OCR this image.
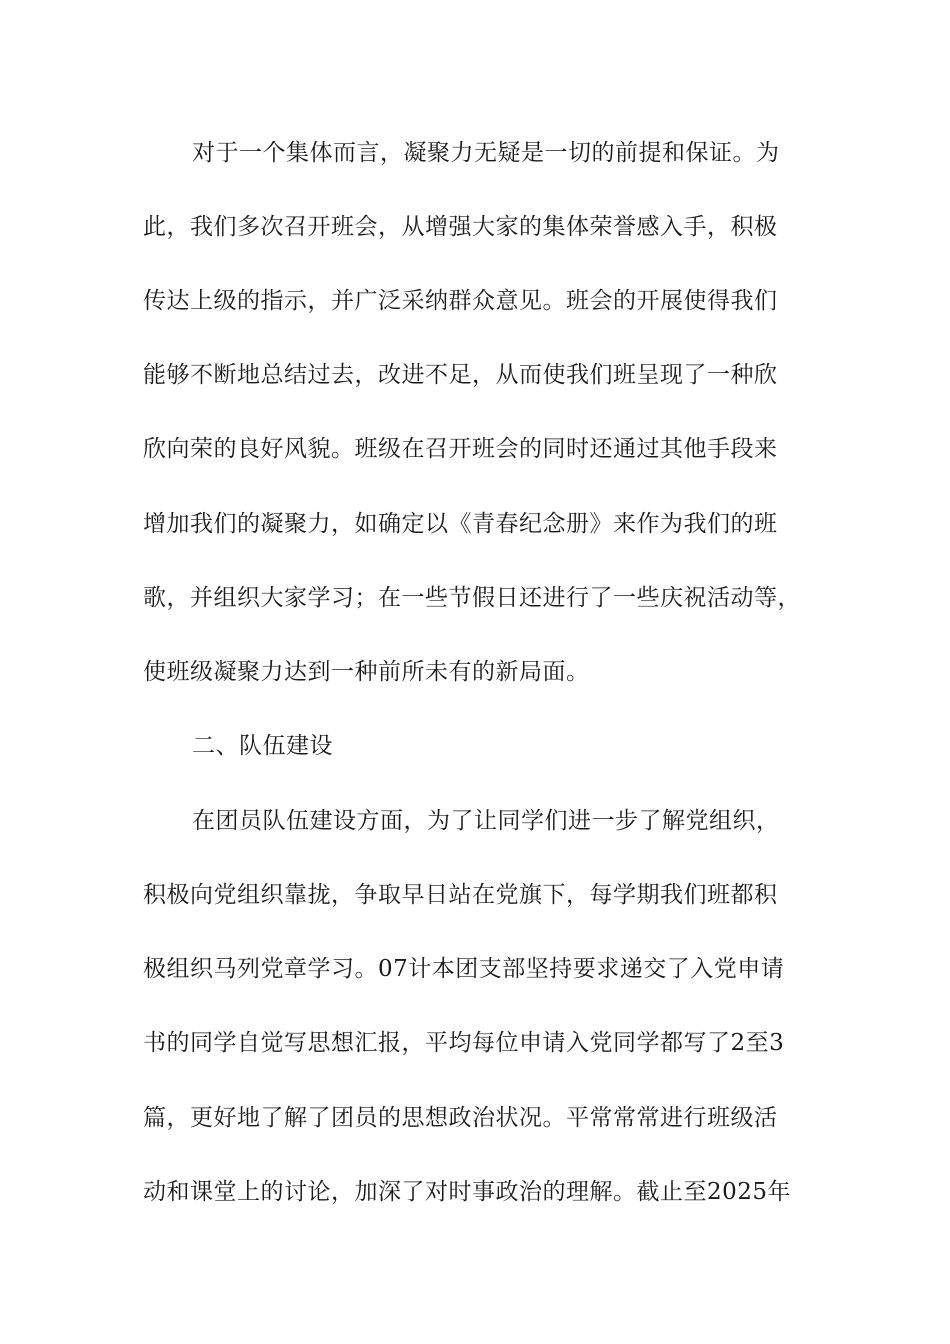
对于一个集体而言，凝聚力无疑是一切的前提和保证。为
此，我们多次召开班会，从增强大家的集体荣誉感入手，积极
传达上级的指示，并广泛采纳群众意见。班会的开展使得我们
能够不断地总结过去，改进不足，从而使我们班呈现了一种欣
欣向荣的良好风貌。班级在召开班会的同时还通过其他手段来
增加我们的凝聚力，如确定以《青春纪念册》来作为我们的班
歌，并组织大家学习；在一些节假日还进行了一些庆祝活动等，
使班级凝聚力达到一种前所未有的新局面。
二、队伍建设
在团员队伍建设方面，为了让同学们进一步了解党组织，
积极向党组织靠拢，争取早日站在党旗下，每学期我们班都积
极组织马列党章学习。07计本团支部坚持要求递交了入党申请
书的同学自觉写思想汇报，平均每位申请入党同学都写了2至3
篇，更好地了解了团员的思想政治状况。平常常常进行班级活
动和课堂上的讨论，加深了对时事政治的理解。截止至2025年
